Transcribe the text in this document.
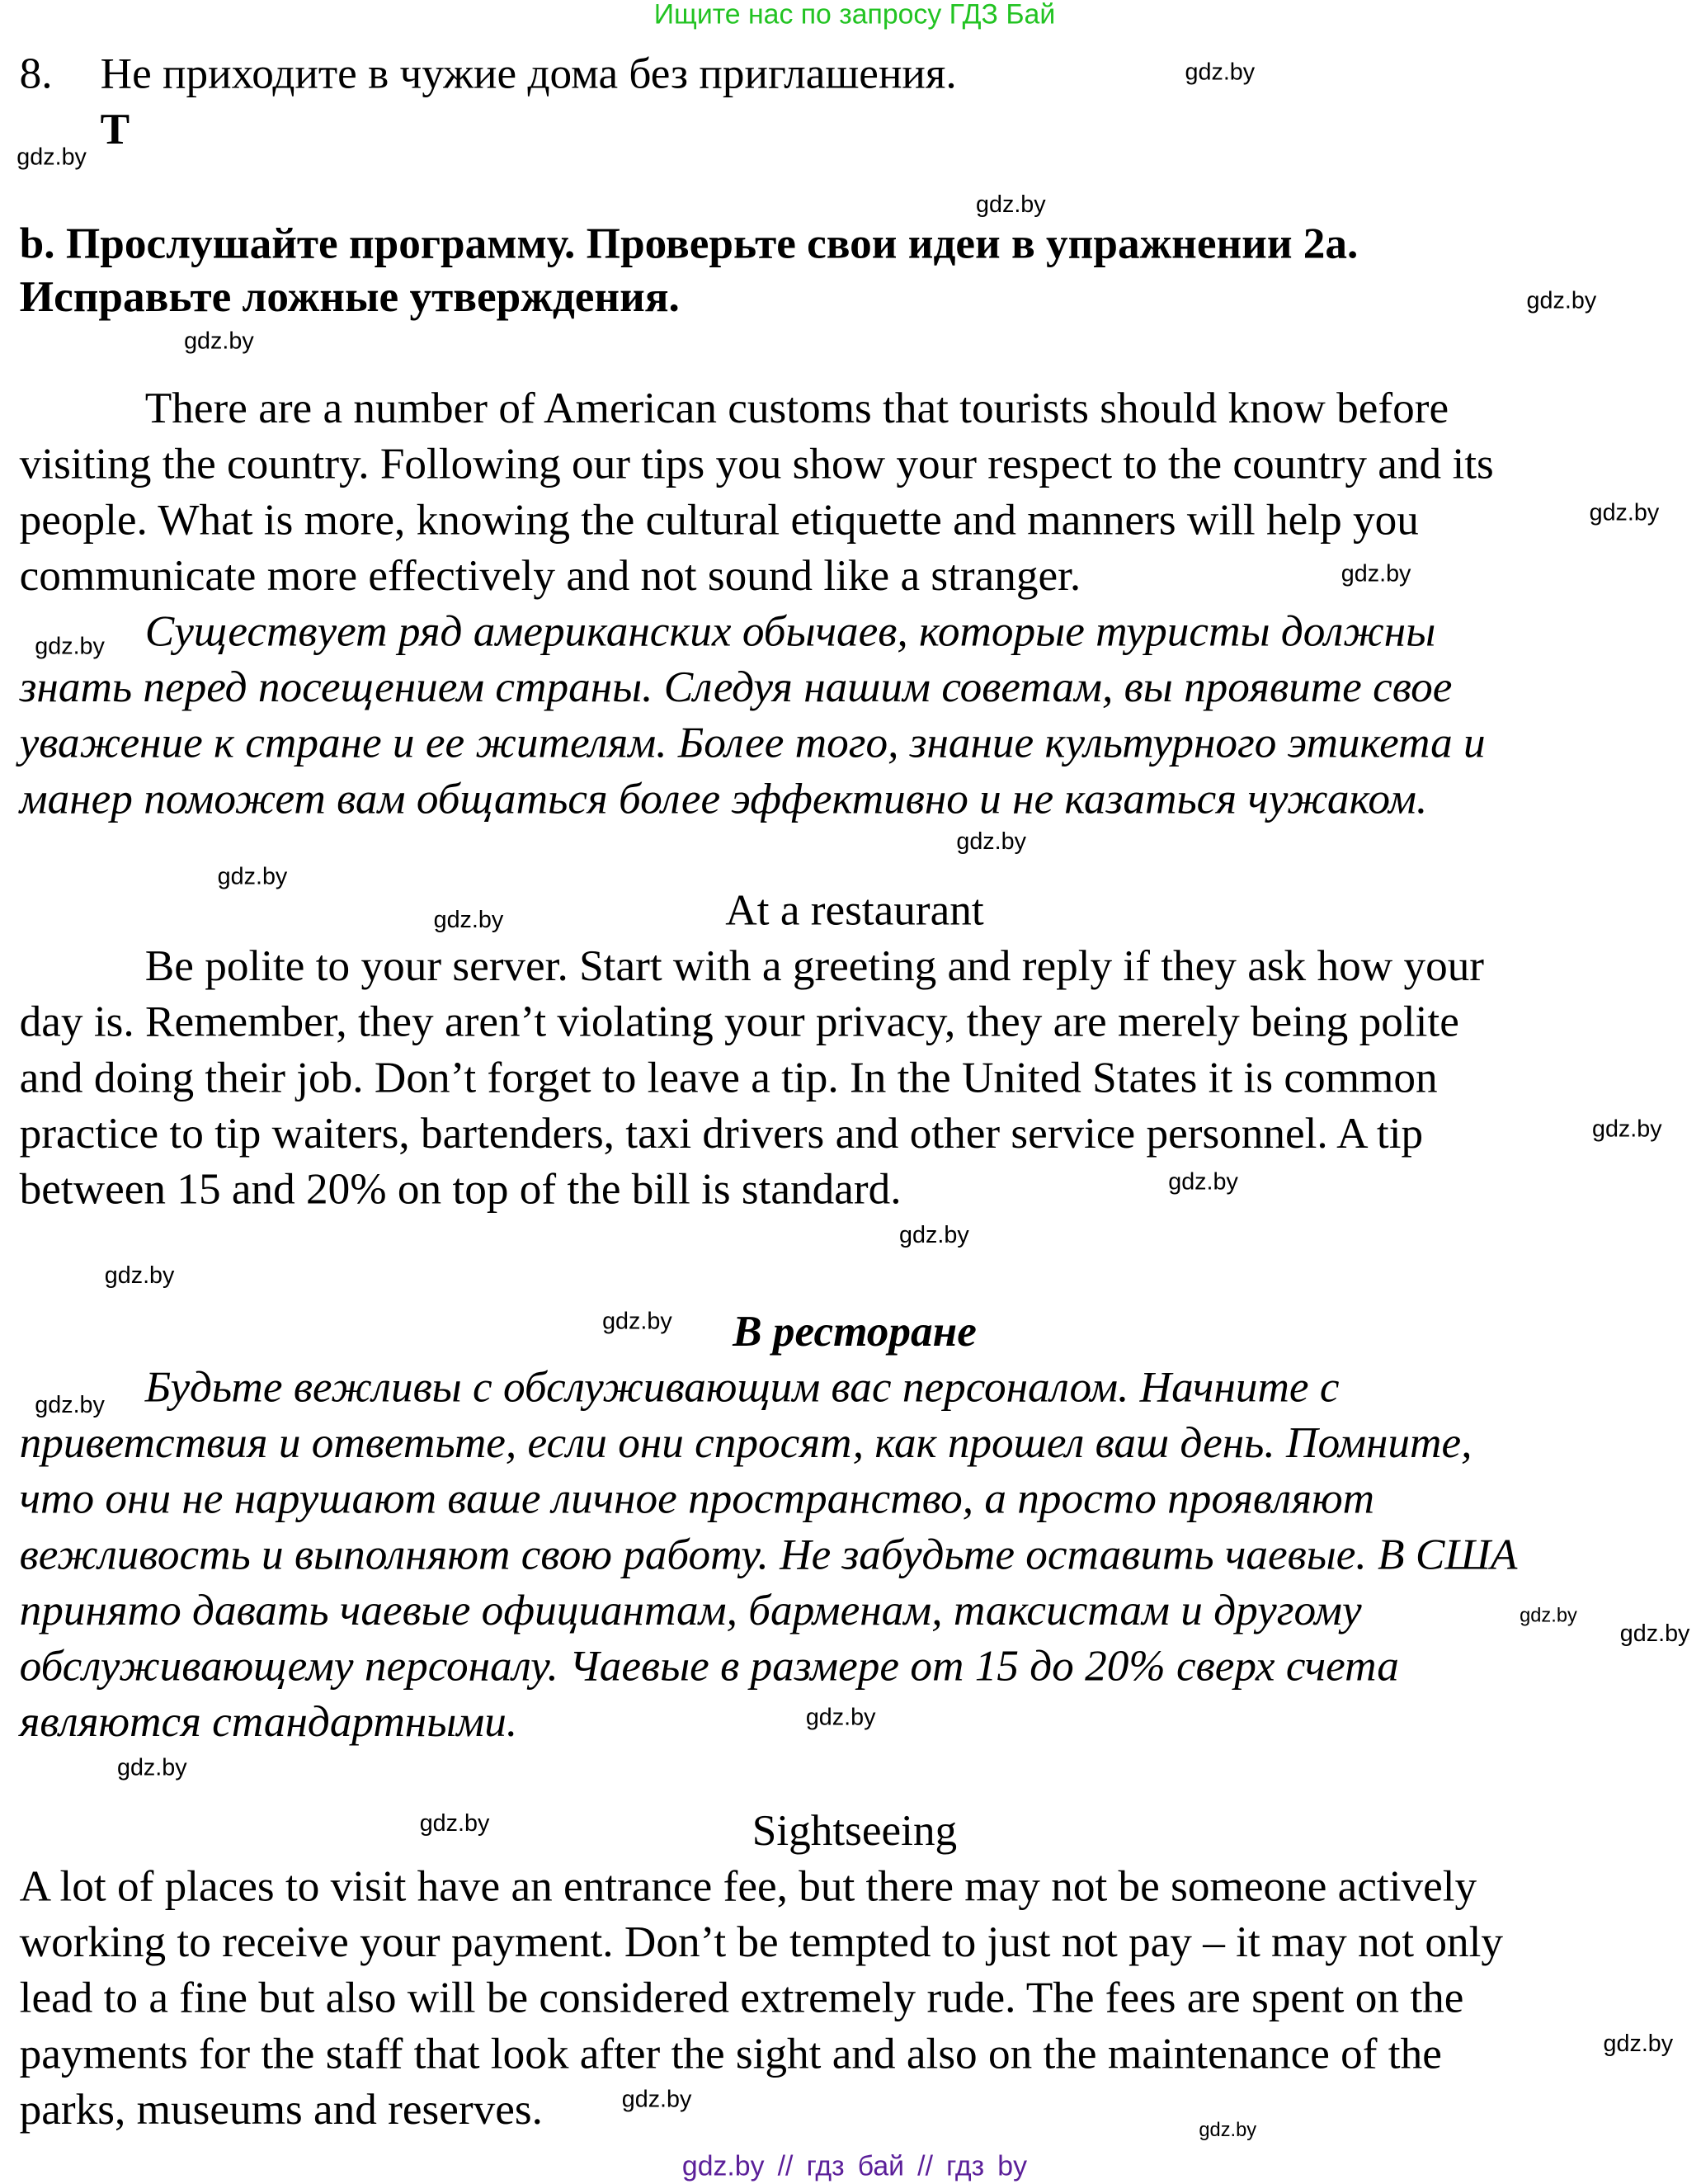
Ищите нас по запросу ГДЗ Бай
8. Не приходите в чужие дома без приглашения.
T
b. Прослушайте программу. Проверьте свои идеи в упражнении 2a.
Исправьте ложные утверждения.
There are a number of American customs that tourists should know before
visiting the country. Following our tips you show your respect to the country and its
people. What is more, knowing the cultural etiquette and manners will help you
communicate more effectively and not sound like a stranger.
Существует ряд американских обычаев, которые туристы должны
знать перед посещением страны. Следуя нашим советам, вы проявите свое
уважение к стране и ее жителям. Более того, знание культурного этикета и
манер поможет вам общаться более эффективно и не казаться чужаком.
At a restaurant
Be polite to your server. Start with a greeting and reply if they ask how your
day is. Remember, they aren’t violating your privacy, they are merely being polite
and doing their job. Don’t forget to leave a tip. In the United States it is common
practice to tip waiters, bartenders, taxi drivers and other service personnel. A tip
between 15 and 20% on top of the bill is standard.
В ресторане
Будьте вежливы с обслуживающим вас персоналом. Начните с
приветствия и ответьте, если они спросят, как прошел ваш день. Помните,
что они не нарушают ваше личное пространство, а просто проявляют
вежливость и выполняют свою работу. Не забудьте оставить чаевые. В США
принято давать чаевые официантам, барменам, таксистам и другому
обслуживающему персоналу. Чаевые в размере от 15 до 20% сверх счета
являются стандартными.
Sightseeing
A lot of places to visit have an entrance fee, but there may not be someone actively
working to receive your payment. Don’t be tempted to just not pay – it may not only
lead to a fine but also will be considered extremely rude. The fees are spent on the
payments for the staff that look after the sight and also on the maintenance of the
parks, museums and reserves.
gdz.by
gdz.by
gdz.by
gdz.by
gdz.by
gdz.by
gdz.by
gdz.by
gdz.by
gdz.by
gdz.by
gdz.by
gdz.by
gdz.by
gdz.by
gdz.by
gdz.by
gdz.by
gdz.by
gdz.by
gdz.by
gdz.by
gdz.by
gdz.by
gdz.by
gdz.by // гдз бай // гдз by
